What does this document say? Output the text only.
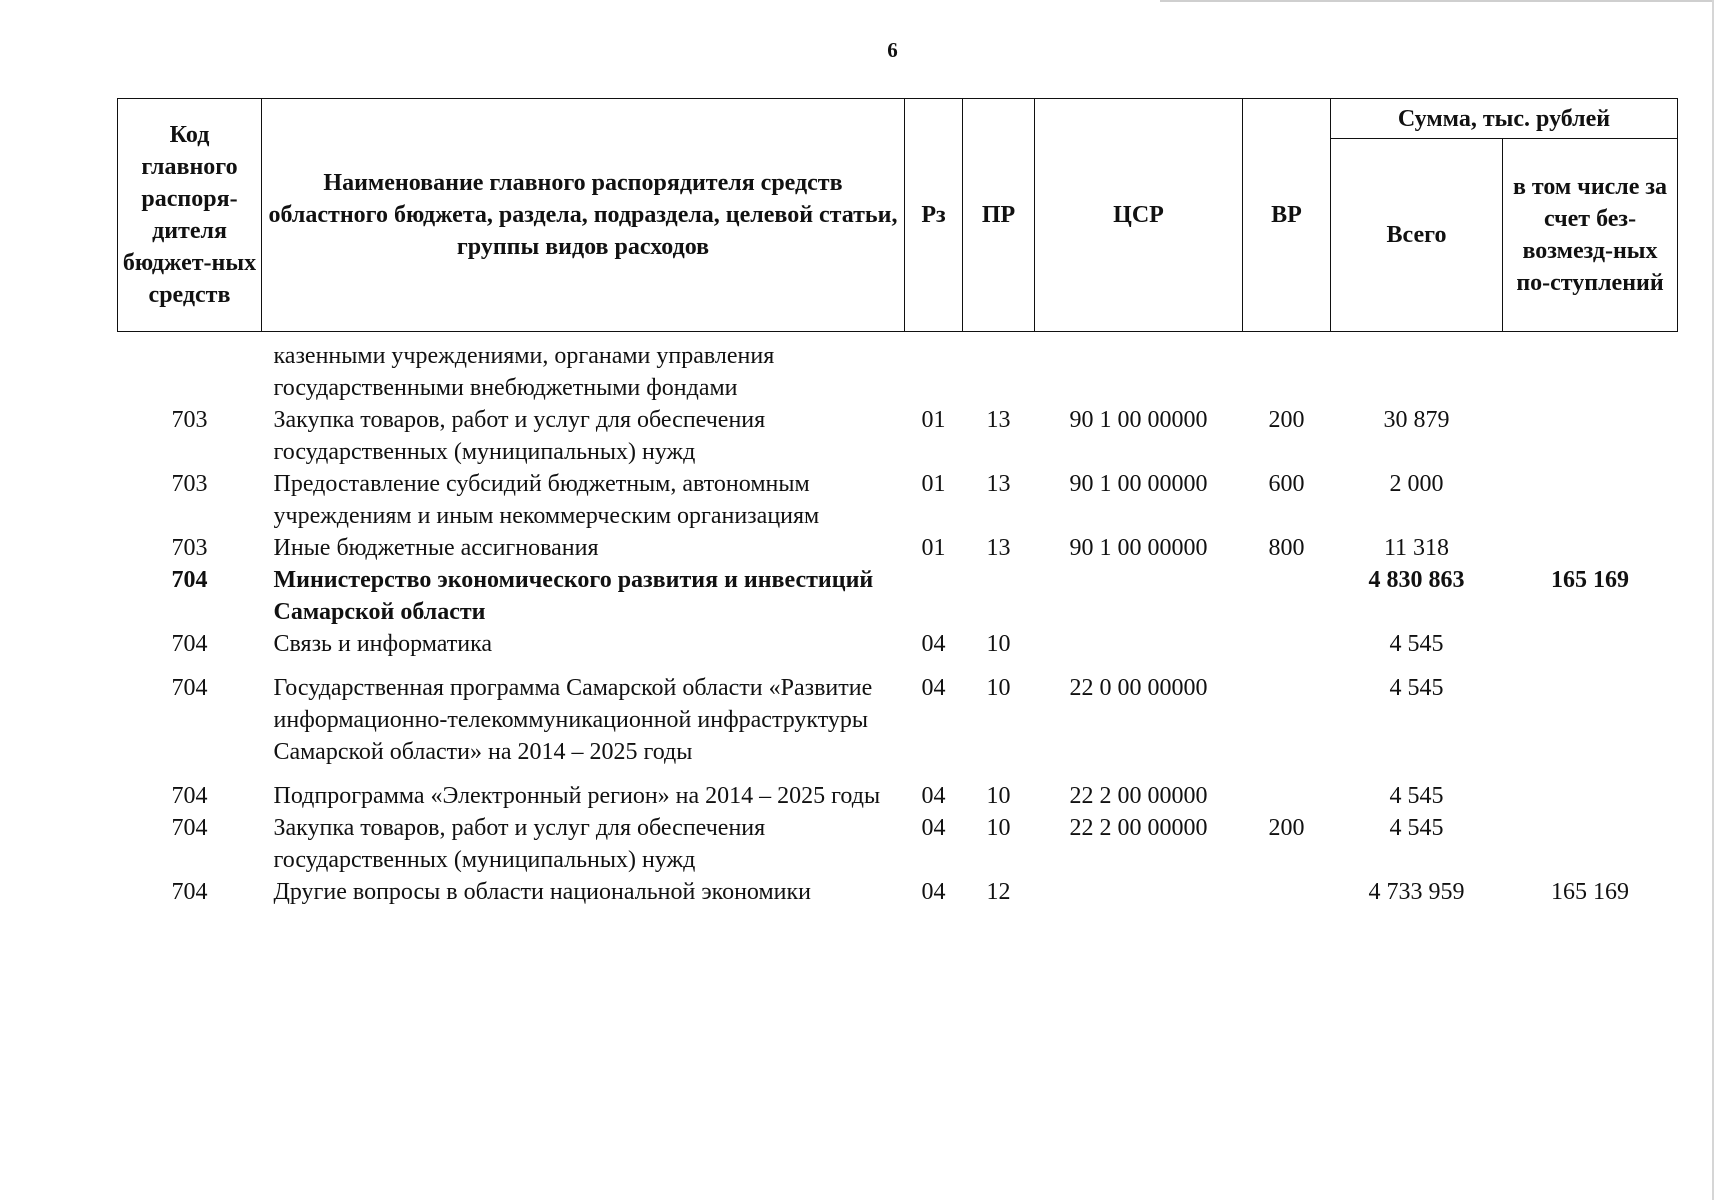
6
Код главного распоря-дителя бюджет-ных средств	Наименование главного распорядителя средств областного бюджета, раздела, подраздела, целевой статьи, группы видов расходов	Рз	ПР	ЦСР	ВР	Сумма, тыс. рублей	
						Всего	в том числе за счет без-возмезд-ных по-ступлений
	казенными учреждениями, органами управления государственными внебюджетными фондами						
703	Закупка товаров, работ и услуг для обеспечения государственных (муниципальных) нужд	01	13	90 1 00 00000	200	30 879	
703	Предоставление субсидий бюджетным, автономным учреждениям и иным некоммерческим организациям	01	13	90 1 00 00000	600	2 000	
703	Иные бюджетные ассигнования	01	13	90 1 00 00000	800	11 318	
704	Министерство экономического развития и инвестиций Самарской области					4 830 863	165 169
704	Связь и информатика	04	10			4 545	
704	Государственная программа Самарской области «Развитие информационно-телекоммуникационной инфраструктуры Самарской области» на 2014 – 2025 годы	04	10	22 0 00 00000		4 545	
704	Подпрограмма «Электронный регион» на 2014 – 2025 годы	04	10	22 2 00 00000		4 545	
704	Закупка товаров, работ и услуг для обеспечения государственных (муниципальных) нужд	04	10	22 2 00 00000	200	4 545	
704	Другие вопросы в области национальной экономики	04	12			4 733 959	165 169
